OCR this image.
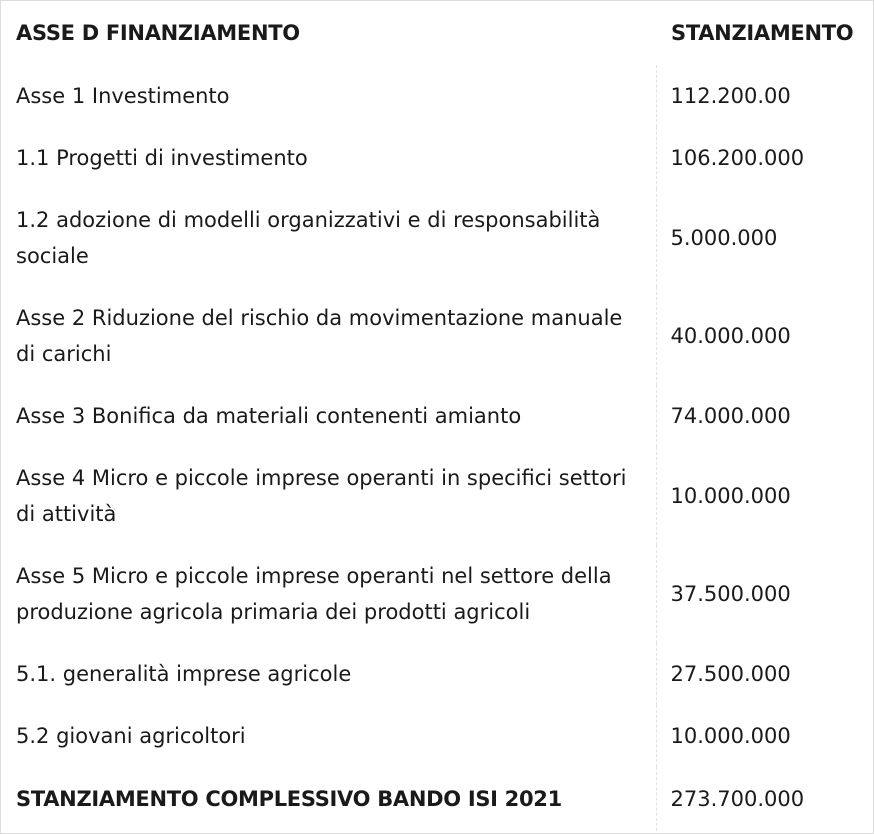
ASSE D FINANZIAMENTO	STANZIAMENTO
Asse 1 Investimento	112.200.00
1.1 Progetti di investimento	106.200.000
1.2 adozione di modelli organizzativi e di responsabilità sociale	5.000.000
Asse 2 Riduzione del rischio da movimentazione manuale di carichi	40.000.000
Asse 3 Bonifica da materiali contenenti amianto	74.000.000
Asse 4 Micro e piccole imprese operanti in specifici settori di attività	10.000.000
Asse 5 Micro e piccole imprese operanti nel settore della produzione agricola primaria dei prodotti agricoli	37.500.000
5.1. generalità imprese agricole	27.500.000
5.2 giovani agricoltori	10.000.000
STANZIAMENTO COMPLESSIVO BANDO ISI 2021	273.700.000
